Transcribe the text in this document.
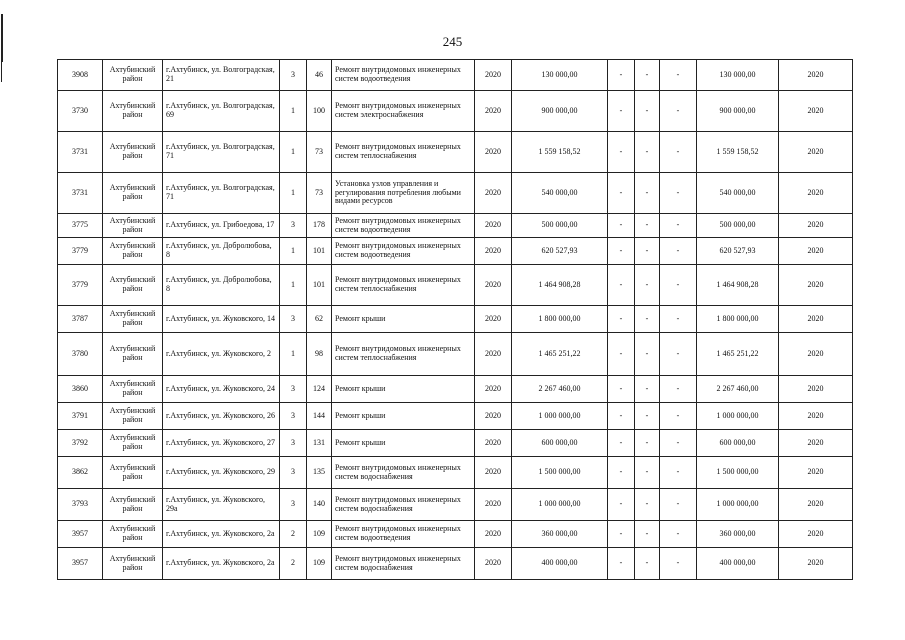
245
3908	Ахтубинский район	г.Ахтубинск, ул. Волгоградская, 21	3	46	Ремонт внутридомовых инженерных систем водоотведения	2020	130 000,00	-	-	-	130 000,00	2020
3730	Ахтубинский район	г.Ахтубинск, ул. Волгоградская, 69	1	100	Ремонт внутридомовых инженерных систем электроснабжения	2020	900 000,00	-	-	-	900 000,00	2020
3731	Ахтубинский район	г.Ахтубинск, ул. Волгоградская, 71	1	73	Ремонт внутридомовых инженерных систем теплоснабжения	2020	1 559 158,52	-	-	-	1 559 158,52	2020
3731	Ахтубинский район	г.Ахтубинск, ул. Волгоградская, 71	1	73	Установка узлов управления и регулирования потребления любыми видами ресурсов	2020	540 000,00	-	-	-	540 000,00	2020
3775	Ахтубинский район	г.Ахтубинск, ул. Грибоедова, 17	3	178	Ремонт внутридомовых инженерных систем водоотведения	2020	500 000,00	-	-	-	500 000,00	2020
3779	Ахтубинский район	г.Ахтубинск, ул. Добролюбова, 8	1	101	Ремонт внутридомовых инженерных систем водоотведения	2020	620 527,93	-	-	-	620 527,93	2020
3779	Ахтубинский район	г.Ахтубинск, ул. Добролюбова, 8	1	101	Ремонт внутридомовых инженерных систем теплоснабжения	2020	1 464 908,28	-	-	-	1 464 908,28	2020
3787	Ахтубинский район	г.Ахтубинск, ул. Жуковского, 14	3	62	Ремонт крыши	2020	1 800 000,00	-	-	-	1 800 000,00	2020
3780	Ахтубинский район	г.Ахтубинск, ул. Жуковского, 2	1	98	Ремонт внутридомовых инженерных систем теплоснабжения	2020	1 465 251,22	-	-	-	1 465 251,22	2020
3860	Ахтубинский район	г.Ахтубинск, ул. Жуковского, 24	3	124	Ремонт крыши	2020	2 267 460,00	-	-	-	2 267 460,00	2020
3791	Ахтубинский район	г.Ахтубинск, ул. Жуковского, 26	3	144	Ремонт крыши	2020	1 000 000,00	-	-	-	1 000 000,00	2020
3792	Ахтубинский район	г.Ахтубинск, ул. Жуковского, 27	3	131	Ремонт крыши	2020	600 000,00	-	-	-	600 000,00	2020
3862	Ахтубинский район	г.Ахтубинск, ул. Жуковского, 29	3	135	Ремонт внутридомовых инженерных систем водоснабжения	2020	1 500 000,00	-	-	-	1 500 000,00	2020
3793	Ахтубинский район	г.Ахтубинск, ул. Жуковского, 29а	3	140	Ремонт внутридомовых инженерных систем водоснабжения	2020	1 000 000,00	-	-	-	1 000 000,00	2020
3957	Ахтубинский район	г.Ахтубинск, ул. Жуковского, 2а	2	109	Ремонт внутридомовых инженерных систем водоотведения	2020	360 000,00	-	-	-	360 000,00	2020
3957	Ахтубинский район	г.Ахтубинск, ул. Жуковского, 2а	2	109	Ремонт внутридомовых инженерных систем водоснабжения	2020	400 000,00	-	-	-	400 000,00	2020
